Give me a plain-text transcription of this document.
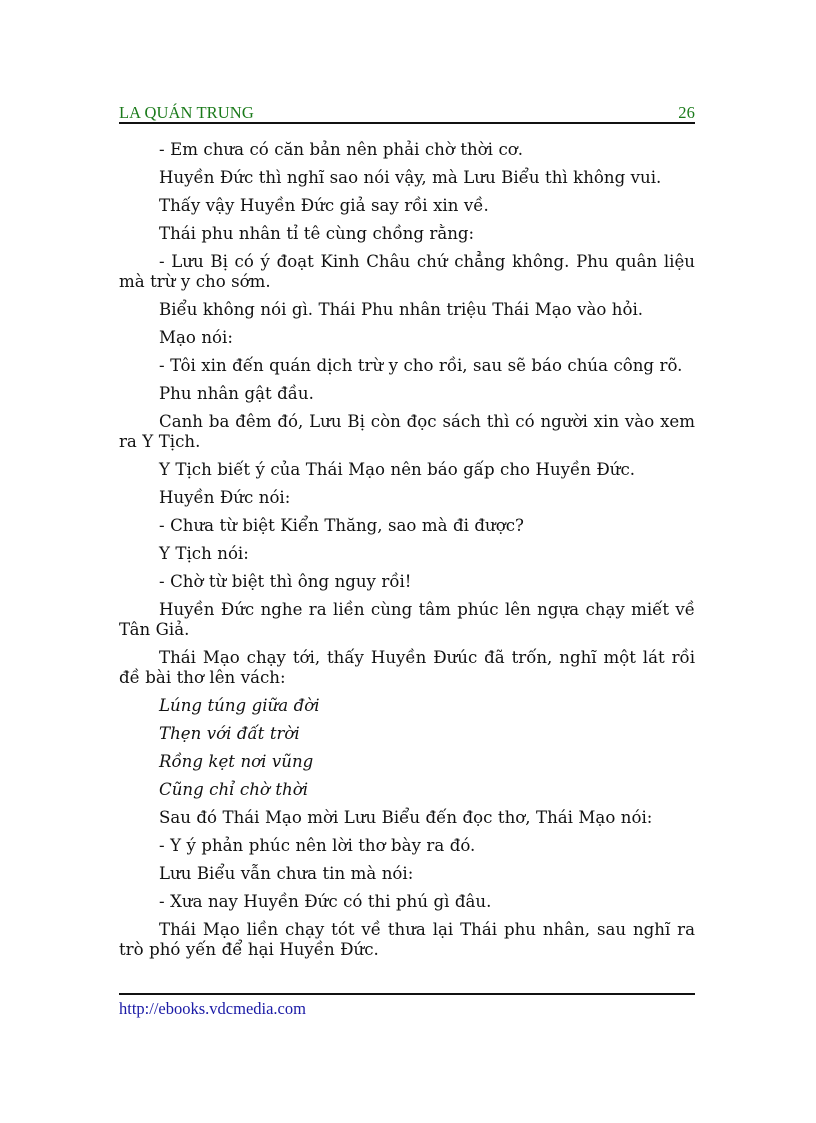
LA QUÁN TRUNG	26

- Em chưa có căn bản nên phải chờ thời cơ.

Huyền Đức thì nghĩ sao nói vậy, mà Lưu Biểu thì không vui.

Thấy vậy Huyền Đức giả say rồi xin về.

Thái phu nhân tỉ tê cùng chồng rằng:

- Lưu Bị có ý đoạt Kinh Châu chứ chẳng không. Phu quân liệu mà trừ y cho sớm.

Biểu không nói gì. Thái Phu nhân triệu Thái Mạo vào hỏi.

Mạo nói:

- Tôi xin đến quán dịch trừ y cho rồi, sau sẽ báo chúa công rõ.

Phu nhân gật đầu.

Canh ba đêm đó, Lưu Bị còn đọc sách thì có người xin vào xem ra Y Tịch.

Y Tịch biết ý của Thái Mạo nên báo gấp cho Huyền Đức.

Huyền Đức nói:

- Chưa từ biệt Kiển Thăng, sao mà đi được?

Y Tịch nói:

- Chờ từ biệt thì ông nguy rồi!

Huyền Đức nghe ra liền cùng tâm phúc lên ngựa chạy miết về Tân Giả.

Thái Mạo chạy tới, thấy Huyền Đưúc đã trốn, nghĩ một lát rồi đề bài thơ lên vách:

Lúng túng giữa đời

Thẹn với đất trời

Rồng kẹt nơi vũng

Cũng chỉ chờ thời

Sau đó Thái Mạo mời Lưu Biểu đến đọc thơ, Thái Mạo nói:

- Y ý phản phúc nên lời thơ bày ra đó.

Lưu Biểu vẫn chưa tin mà nói:

- Xưa nay Huyền Đức có thi phú gì đâu.

Thái Mạo liền chạy tót về thưa lại Thái phu nhân, sau nghĩ ra trò phó yến để hại Huyền Đức.

http://ebooks.vdcmedia.com
